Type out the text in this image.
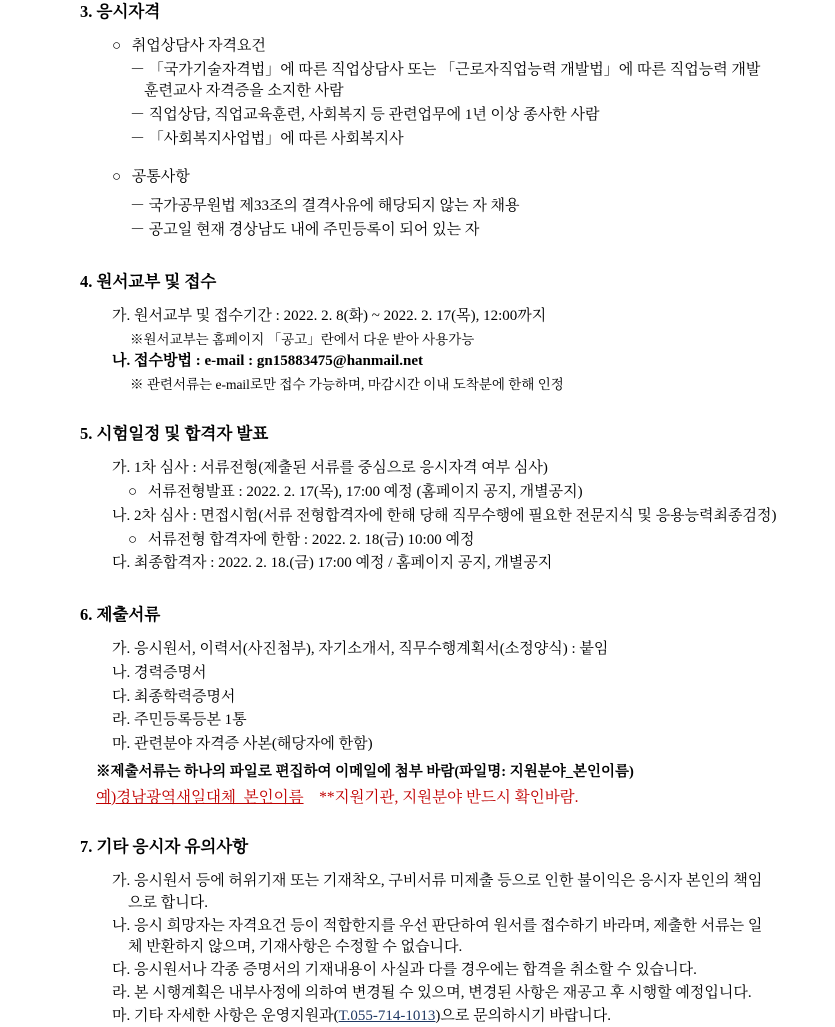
3. 응시자격
○ 취업상담사 자격요건
－ 「국가기술자격법」에 따른 직업상담사 또는 「근로자직업능력 개발법」에 따른 직업능력 개발훈련교사 자격증을 소지한 사람
－ 직업상담, 직업교육훈련, 사회복지 등 관련업무에 1년 이상 종사한 사람
－ 「사회복지사업법」에 따른 사회복지사
○ 공통사항
－ 국가공무원법 제33조의 결격사유에 해당되지 않는 자 채용
－ 공고일 현재 경상남도 내에 주민등록이 되어 있는 자
4. 원서교부 및 접수
가. 원서교부 및 접수기간 : 2022. 2. 8(화) ~ 2022. 2. 17(목), 12:00까지
※원서교부는 홈페이지 「공고」란에서 다운 받아 사용가능
나. 접수방법 : e-mail : gn15883475@hanmail.net
※ 관련서류는 e-mail로만 접수 가능하며, 마감시간 이내 도착분에 한해 인정
5. 시험일정 및 합격자 발표
가. 1차 심사 : 서류전형(제출된 서류를 중심으로 응시자격 여부 심사)
○ 서류전형발표 : 2022. 2. 17(목), 17:00 예정 (홈페이지 공지, 개별공지)
나. 2차 심사 : 면접시험(서류 전형합격자에 한해 당해 직무수행에 필요한 전문지식 및 응용능력최종검정)
○ 서류전형 합격자에 한함 : 2022. 2. 18(금) 10:00 예정
다. 최종합격자 : 2022. 2. 18.(금) 17:00 예정 / 홈페이지 공지, 개별공지
6. 제출서류
가. 응시원서, 이력서(사진첨부), 자기소개서, 직무수행계획서(소정양식) : 붙임
나. 경력증명서
다. 최종학력증명서
라. 주민등록등본 1통
마. 관련분야 자격증 사본(해당자에 한함)
※제출서류는 하나의 파일로 편집하여 이메일에 첨부 바람(파일명: 지원분야_본인이름)
예)경남광역새일대체_본인이름 **지원기관, 지원분야 반드시 확인바람.
7. 기타 응시자 유의사항
가. 응시원서 등에 허위기재 또는 기재착오, 구비서류 미제출 등으로 인한 불이익은 응시자 본인의 책임으로 합니다.
나. 응시 희망자는 자격요건 등이 적합한지를 우선 판단하여 원서를 접수하기 바라며, 제출한 서류는 일체 반환하지 않으며, 기재사항은 수정할 수 없습니다.
다. 응시원서나 각종 증명서의 기재내용이 사실과 다를 경우에는 합격을 취소할 수 있습니다.
라. 본 시행계획은 내부사정에 의하여 변경될 수 있으며, 변경된 사항은 재공고 후 시행할 예정입니다.
마. 기타 자세한 사항은 운영지원과(T.055-714-1013)으로 문의하시기 바랍니다.
